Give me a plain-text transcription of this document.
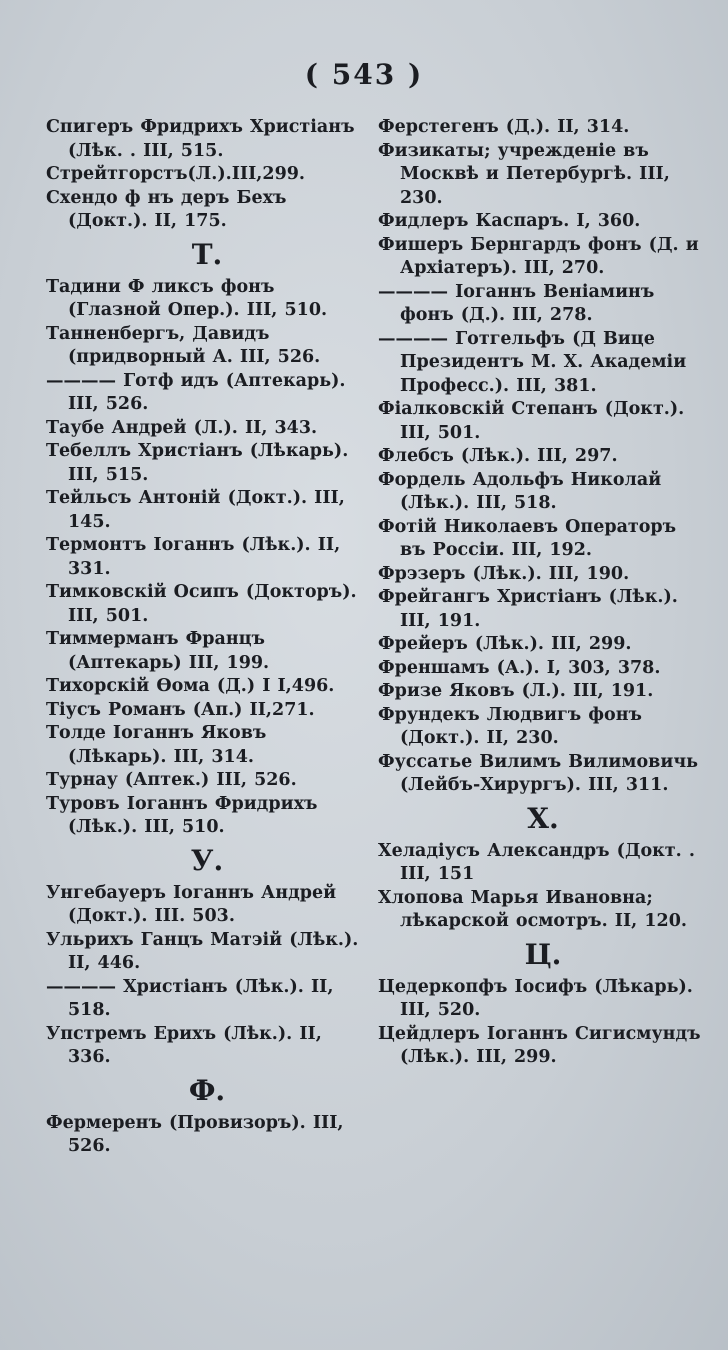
( 543 )

Спигеръ Фридрихъ Христіанъ (Лѣк. . III, 515.

Стрейтгорстъ(Л.).III,299.

Схендо ф нъ деръ Бехъ (Докт.). II, 175.

Т.

Тадини Ф ликсъ фонъ (Глазной Опер.). III, 510.

Танненбергъ, Давидъ (придворный А. III, 526.

———— Готф идъ (Аптекарь). III, 526.

Таубе Андрей (Л.). II, 343.

Тебеллъ Христіанъ (Лѣкарь). III, 515.

Тейльсъ Антоній (Докт.). III, 145.

Термонтъ Іоганнъ (Лѣк.). II, 331.

Тимковскій Осипъ (Докторъ). III, 501.

Тиммерманъ Францъ (Аптекарь) III, 199.

Тихорскій Ѳома (Д.) I I,496.

Тіусъ Романъ (Ап.) II,271.

Толде Іоганнъ Яковъ (Лѣкарь). III, 314.

Турнау (Аптек.) III, 526.

Туровъ Іоганнъ Фридрихъ (Лѣк.). III, 510.

У.

Унгебауеръ Іоганнъ Андрей (Докт.). III. 503.

Ульрихъ Ганцъ Матэій (Лѣк.). II, 446.

———— Христіанъ (Лѣк.). II, 518.

Упстремъ Ерихъ (Лѣк.). II, 336.

Ф.

Фермеренъ (Провизоръ). III, 526.

Ферстегенъ (Д.). II, 314.

Физикаты; учрежденіе въ Москвѣ и Петербургѣ. III, 230.

Фидлеръ Каспаръ. I, 360.

Фишеръ Бернгардъ фонъ (Д. и Архіатеръ). III, 270.

———— Іоганнъ Веніаминъ фонъ (Д.). III, 278.

———— Готгельфъ (Д Вице Президентъ М. Х. Академіи Професс.). III, 381.

Фіалковскій Степанъ (Докт.). III, 501.

Флебсъ (Лѣк.). III, 297.

Фордель Адольфъ Николай (Лѣк.). III, 518.

Фотій Николаевъ Операторъ въ Россіи. III, 192.

Фрэзеръ (Лѣк.). III, 190.

Фрейгангъ Христіанъ (Лѣк.). III, 191.

Фрейеръ (Лѣк.). III, 299.

Френшамъ (А.). I, 303, 378.

Фризе Яковъ (Л.). III, 191.

Фрундекъ Людвигъ фонъ (Докт.). II, 230.

Фуссатье Вилимъ Вилимовичь (Лейбъ-Хирургъ). III, 311.

Х.

Хеладіусъ Александръ (Докт. . III, 151

Хлопова Марья Ивановна; лѣкарской осмотръ. II, 120.

Ц.

Цедеркопфъ Іосифъ (Лѣкарь). III, 520.

Цейдлеръ Іоганнъ Сигисмундъ (Лѣк.). III, 299.
